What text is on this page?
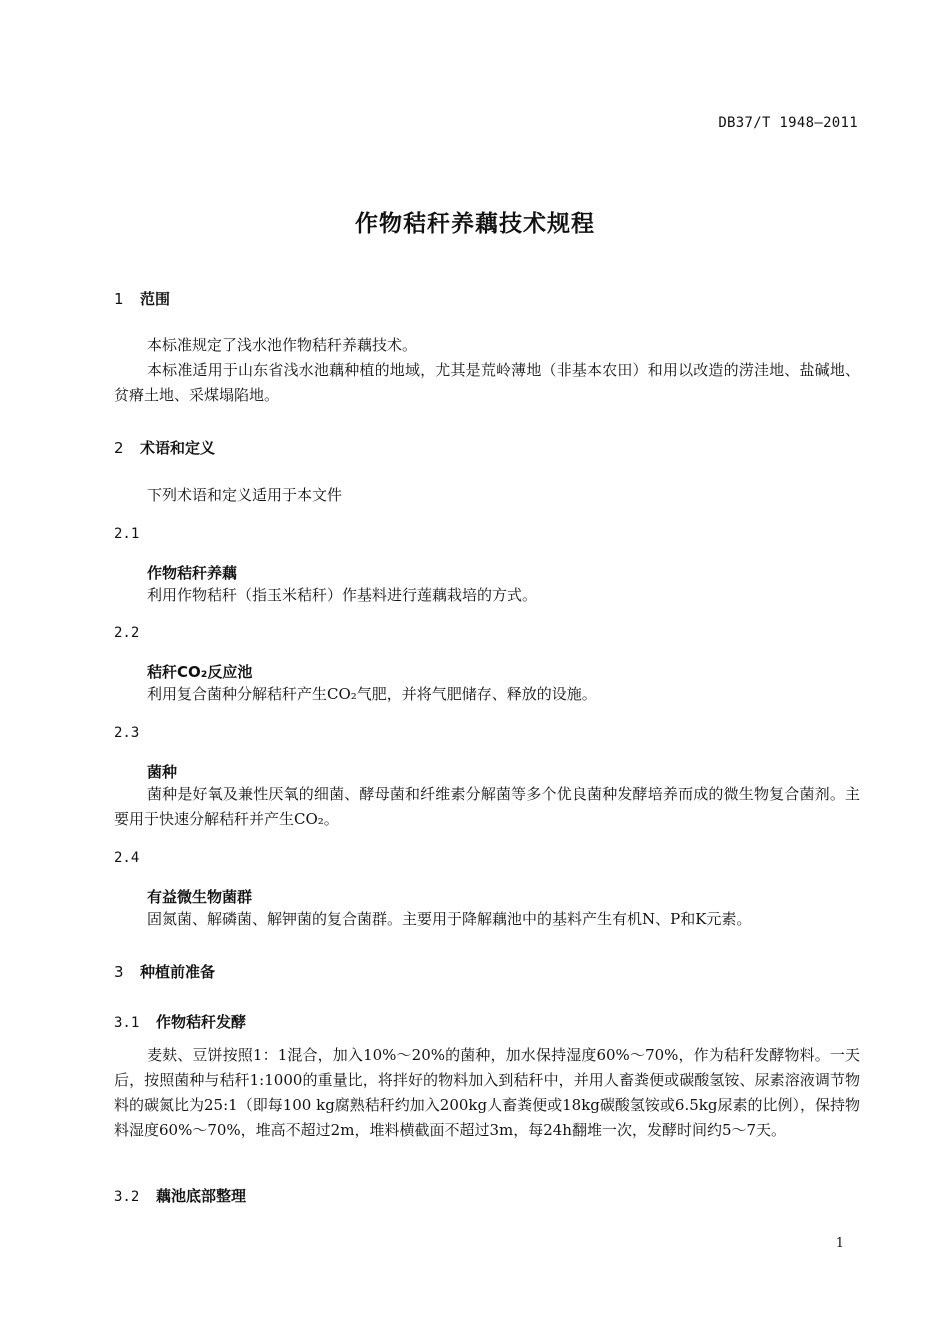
DB37/T 1948—2011
作物秸秆养藕技术规程
1 范围

本标准规定了浅水池作物秸秆养藕技术。

本标准适用于山东省浅水池藕种植的地域，尤其是荒岭薄地（非基本农田）和用以改造的涝洼地、盐碱地、贫瘠土地、采煤塌陷地。

2 术语和定义

下列术语和定义适用于本文件

2.1
作物秸秆养藕

利用作物秸秆（指玉米秸秆）作基料进行莲藕栽培的方式。

2.2
秸秆CO₂反应池

利用复合菌种分解秸秆产生CO₂气肥，并将气肥储存、释放的设施。

2.3
菌种

菌种是好氧及兼性厌氧的细菌、酵母菌和纤维素分解菌等多个优良菌种发酵培养而成的微生物复合菌剂。主要用于快速分解秸秆并产生CO₂。

2.4
有益微生物菌群

固氮菌、解磷菌、解钾菌的复合菌群。主要用于降解藕池中的基料产生有机N、P和K元素。

3 种植前准备
3.1 作物秸秆发酵

麦麸、豆饼按照1：1混合，加入10%～20%的菌种，加水保持湿度60%～70%，作为秸秆发酵物料。一天后，按照菌种与秸秆1:1000的重量比，将拌好的物料加入到秸秆中，并用人畜粪便或碳酸氢铵、尿素溶液调节物料的碳氮比为25:1（即每100 kg腐熟秸秆约加入200kg人畜粪便或18kg碳酸氢铵或6.5kg尿素的比例），保持物料湿度60%～70%，堆高不超过2m，堆料横截面不超过3m，每24h翻堆一次，发酵时间约5～7天。

3.2 藕池底部整理
1
